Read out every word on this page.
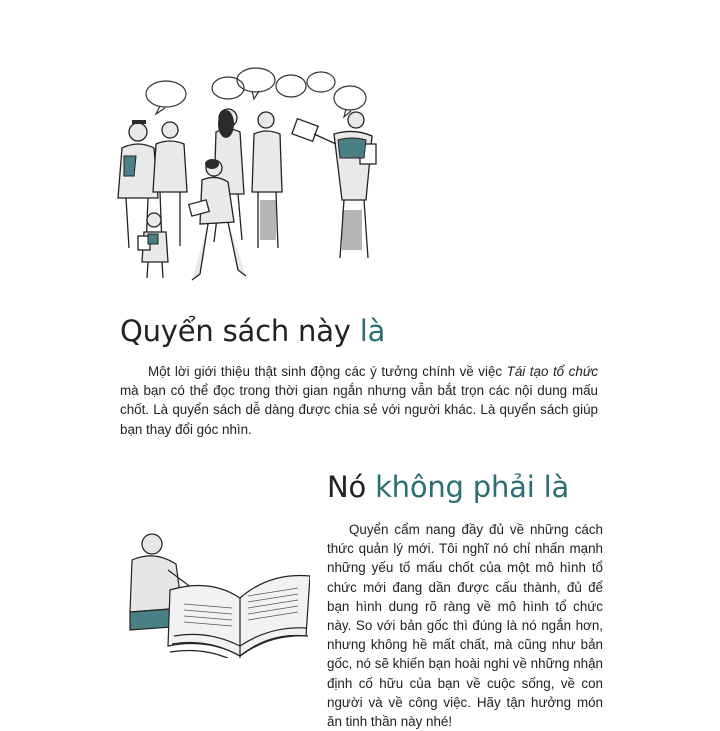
Quyển sách này là

Một lời giới thiệu thật sinh động các ý tưởng chính về việc Tái tạo tổ chức mà bạn có thể đọc trong thời gian ngắn nhưng vẫn bắt trọn các nội dung mấu chốt. Là quyển sách dễ dàng được chia sẻ với người khác. Là quyển sách giúp bạn thay đổi góc nhìn.

Nó không phải là

Quyển cẩm nang đầy đủ về những cách thức quản lý mới. Tôi nghĩ nó chỉ nhấn mạnh những yếu tố mấu chốt của một mô hình tổ chức mới đang dần được cấu thành, đủ để bạn hình dung rõ ràng về mô hình tổ chức này. So với bản gốc thì đúng là nó ngắn hơn, nhưng không hề mất chất, mà cũng như bản gốc, nó sẽ khiến bạn hoài nghi về những nhận định cố hữu của bạn về cuộc sống, về con người và về công việc. Hãy tận hưởng món ăn tinh thần này nhé!
